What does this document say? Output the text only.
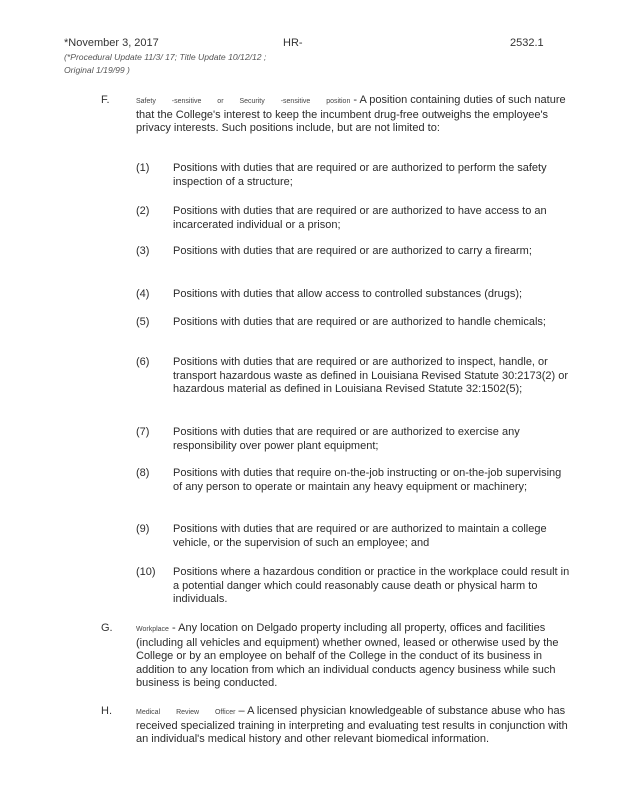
*November 3, 2017	HR-	2532.1
(*Procedural Update 11/3/ 17; Title Update 10/12/12 ;
Original 1/19/99 )
F.	Safety -sensitive or Security -sensitive position - A position containing duties of such nature that the College's interest to keep the incumbent drug-free outweighs the employee's privacy interests. Such positions include, but are not limited to:
(1) Positions with duties that are required or are authorized to perform the safety inspection of a structure;
(2) Positions with duties that are required or are authorized to have access to an incarcerated individual or a prison;
(3) Positions with duties that are required or are authorized to carry a firearm;
(4) Positions with duties that allow access to controlled substances (drugs);
(5) Positions with duties that are required or are authorized to handle chemicals;
(6) Positions with duties that are required or are authorized to inspect, handle, or transport hazardous waste as defined in Louisiana Revised Statute 30:2173(2) or hazardous material as defined in Louisiana Revised Statute 32:1502(5);
(7) Positions with duties that are required or are authorized to exercise any responsibility over power plant equipment;
(8) Positions with duties that require on-the-job instructing or on-the-job supervising of any person to operate or maintain any heavy equipment or machinery;
(9) Positions with duties that are required or are authorized to maintain a college vehicle, or the supervision of such an employee; and
(10) Positions where a hazardous condition or practice in the workplace could result in a potential danger which could reasonably cause death or physical harm to individuals.
G.	Workplace - Any location on Delgado property including all property, offices and facilities (including all vehicles and equipment) whether owned, leased or otherwise used by the College or by an employee on behalf of the College in the conduct of its business in addition to any location from which an individual conducts agency business while such business is being conducted.
H.	Medical Review Officer – A licensed physician knowledgeable of substance abuse who has received specialized training in interpreting and evaluating test results in conjunction with an individual's medical history and other relevant biomedical information.
